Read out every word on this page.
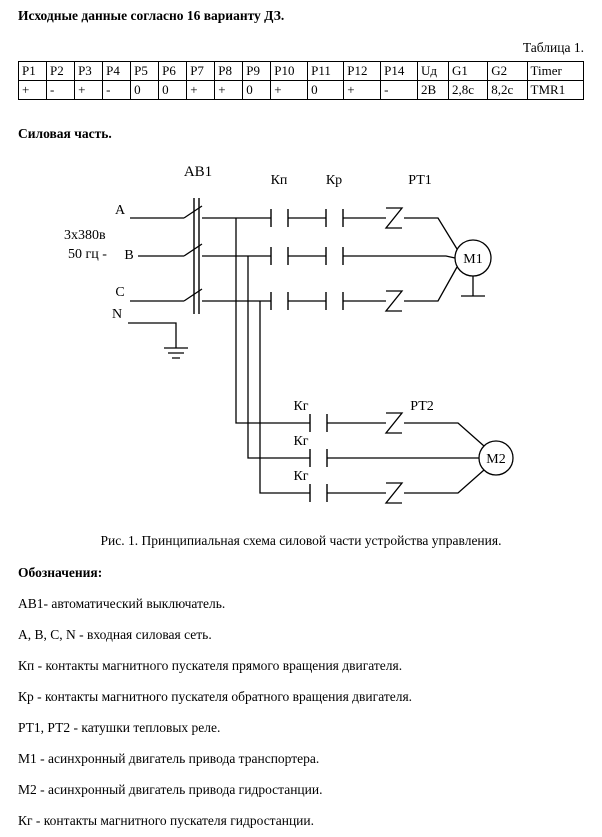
Исходные данные согласно 16 варианту ДЗ.
Таблица 1.
P1	P2	P3	P4	P5	P6	P7	P8	P9	P10	P11	P12	P14	Uд	G1	G2	Timer
+	-	+	-	0	0	+	+	0	+	0	+	-	2В	2,8с	8,2с	TMR1
Силовая часть.
АВ1
Кп	Кр	РТ1
А
3х380в
50 гц - В
С
N
М1
М2
Кг
Кг
Кг
РТ2
Рис. 1. Принципиальная схема силовой части устройства управления.
Обозначения:

АВ1- автоматический выключатель.

А, В, С, N - входная силовая сеть.

Кп - контакты магнитного пускателя прямого вращения двигателя.

Кр - контакты магнитного пускателя обратного вращения двигателя.

РТ1, РТ2 - катушки тепловых реле.

М1 - асинхронный двигатель привода транспортера.

М2 - асинхронный двигатель привода гидростанции.

Кг - контакты магнитного пускателя гидростанции.
